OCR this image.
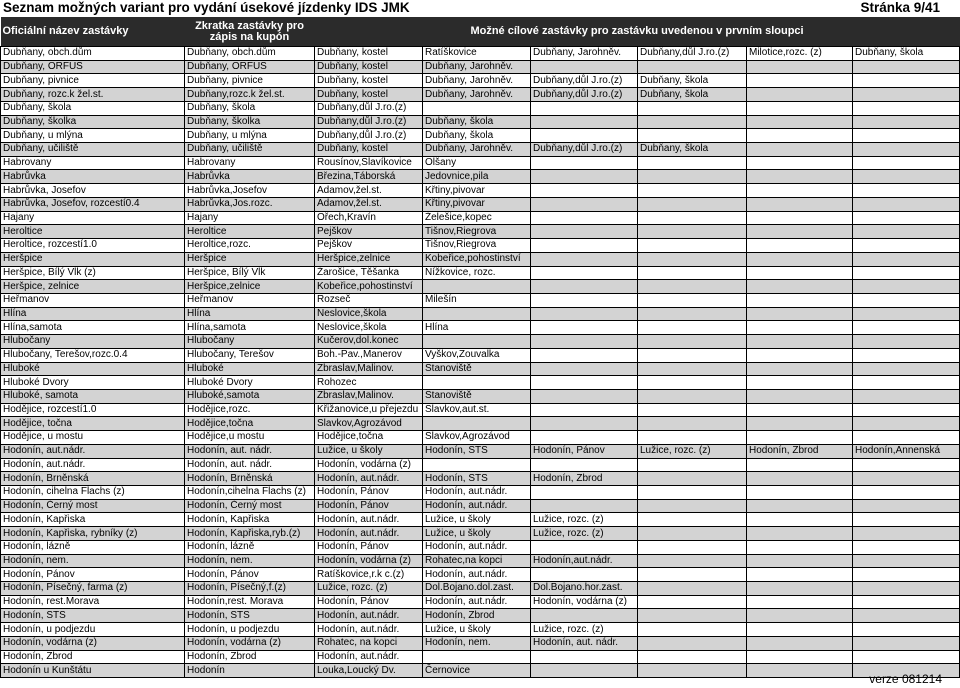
Seznam možných variant pro vydání úsekové jízdenky IDS JMK	Stránka 9/41
Oficiální název zastávky	Zkratka zastávky pro zápis na kupón	Možné cílové zastávky pro zastávku uvedenou v prvním sloupci					
Dubňany, obch.dům	Dubňany, obch.dům	Dubňany, kostel	Ratíškovice	Dubňany, Jarohněv.	Dubňany,důl J.ro.(z)	Milotice,rozc. (z)	Dubňany, škola
Dubňany, ORFUS	Dubňany, ORFUS	Dubňany, kostel	Dubňany, Jarohněv.				
Dubňany, pivnice	Dubňany, pivnice	Dubňany, kostel	Dubňany, Jarohněv.	Dubňany,důl J.ro.(z)	Dubňany, škola		
Dubňany, rozc.k žel.st.	Dubňany,rozc.k žel.st.	Dubňany, kostel	Dubňany, Jarohněv.	Dubňany,důl J.ro.(z)	Dubňany, škola		
Dubňany, škola	Dubňany, škola	Dubňany,důl J.ro.(z)					
Dubňany, školka	Dubňany, školka	Dubňany,důl J.ro.(z)	Dubňany, škola				
Dubňany, u mlýna	Dubňany, u mlýna	Dubňany,důl J.ro.(z)	Dubňany, škola				
Dubňany, učiliště	Dubňany, učiliště	Dubňany, kostel	Dubňany, Jarohněv.	Dubňany,důl J.ro.(z)	Dubňany, škola		
Habrovany	Habrovany	Rousínov,Slavíkovice	Olšany				
Habrůvka	Habrůvka	Březina,Táborská	Jedovnice,pila				
Habrůvka, Josefov	Habrůvka,Josefov	Adamov,žel.st.	Křtiny,pivovar				
Habrůvka, Josefov, rozcestí0.4	Habrůvka,Jos.rozc.	Adamov,žel.st.	Křtiny,pivovar				
Hajany	Hajany	Ořech,Kravín	Želešice,kopec				
Heroltice	Heroltice	Pejškov	Tišnov,Riegrova				
Heroltice, rozcestí1.0	Heroltice,rozc.	Pejškov	Tišnov,Riegrova				
Heršpice	Heršpice	Heršpice,zelnice	Kobeřice,pohostinství				
Heršpice, Bílý Vlk (z)	Heršpice, Bílý Vlk	Žarošice, Těšanka	Nížkovice, rozc.				
Heršpice, zelnice	Heršpice,zelnice	Kobeřice,pohostinství					
Heřmanov	Heřmanov	Rozseč	Milešín				
Hlína	Hlína	Neslovice,škola					
Hlína,samota	Hlína,samota	Neslovice,škola	Hlína				
Hlubočany	Hlubočany	Kučerov,dol.konec					
Hlubočany, Terešov,rozc.0.4	Hlubočany, Terešov	Boh.-Pav.,Manerov	Vyškov,Zouvalka				
Hluboké	Hluboké	Zbraslav,Malinov.	Stanoviště				
Hluboké Dvory	Hluboké Dvory	Rohozec					
Hluboké, samota	Hluboké,samota	Zbraslav,Malinov.	Stanoviště				
Hodějice, rozcestí1.0	Hodějice,rozc.	Křižanovice,u přejezdu	Slavkov,aut.st.				
Hodějice, točna	Hodějice,točna	Slavkov,Agrozávod					
Hodějice, u mostu	Hodějice,u mostu	Hodějice,točna	Slavkov,Agrozávod				
Hodonín, aut.nádr.	Hodonín, aut. nádr.	Lužice, u školy	Hodonín, STS	Hodonín, Pánov	Lužice, rozc. (z)	Hodonín, Zbrod	Hodonín,Annenská
Hodonín, aut.nádr.	Hodonín, aut. nádr.	Hodonín, vodárna (z)					
Hodonín, Brněnská	Hodonín, Brněnská	Hodonín, aut.nádr.	Hodonín, STS	Hodonín, Zbrod			
Hodonín, cihelna Flachs (z)	Hodonín,cihelna Flachs (z)	Hodonín, Pánov	Hodonín, aut.nádr.				
Hodonín, Černý most	Hodonín, Černý most	Hodonín, Pánov	Hodonín, aut.nádr.				
Hodonín, Kapřiska	Hodonín, Kapřiska	Hodonín, aut.nádr.	Lužice, u školy	Lužice, rozc. (z)			
Hodonín, Kapřiska, rybníky (z)	Hodonín, Kapřiska,ryb.(z)	Hodonín, aut.nádr.	Lužice, u školy	Lužice, rozc. (z)			
Hodonín, lázně	Hodonín, lázně	Hodonín, Pánov	Hodonín, aut.nádr.				
Hodonín, nem.	Hodonín, nem.	Hodonín, vodárna (z)	Rohatec,na kopci	Hodonín,aut.nádr.			
Hodonín, Pánov	Hodonín, Pánov	Ratíškovice,r.k c.(z)	Hodonín, aut.nádr.				
Hodonín, Písečný, farma (z)	Hodonín, Písečný,f.(z)	Lužice, rozc. (z)	Dol.Bojano.dol.zast.	Dol.Bojano.hor.zast.			
Hodonín, rest.Morava	Hodonín,rest. Morava	Hodonín, Pánov	Hodonín, aut.nádr.	Hodonín, vodárna (z)			
Hodonín, STS	Hodonín, STS	Hodonín, aut.nádr.	Hodonín, Zbrod				
Hodonín, u podjezdu	Hodonín, u podjezdu	Hodonín, aut.nádr.	Lužice, u školy	Lužice, rozc. (z)			
Hodonín, vodárna (z)	Hodonín, vodárna (z)	Rohatec, na kopci	Hodonín, nem.	Hodonín, aut. nádr.			
Hodonín, Zbrod	Hodonín, Zbrod	Hodonín, aut.nádr.					
Hodonín u Kunštátu	Hodonín	Louka,Loucký Dv.	Černovice				
verze 081214
